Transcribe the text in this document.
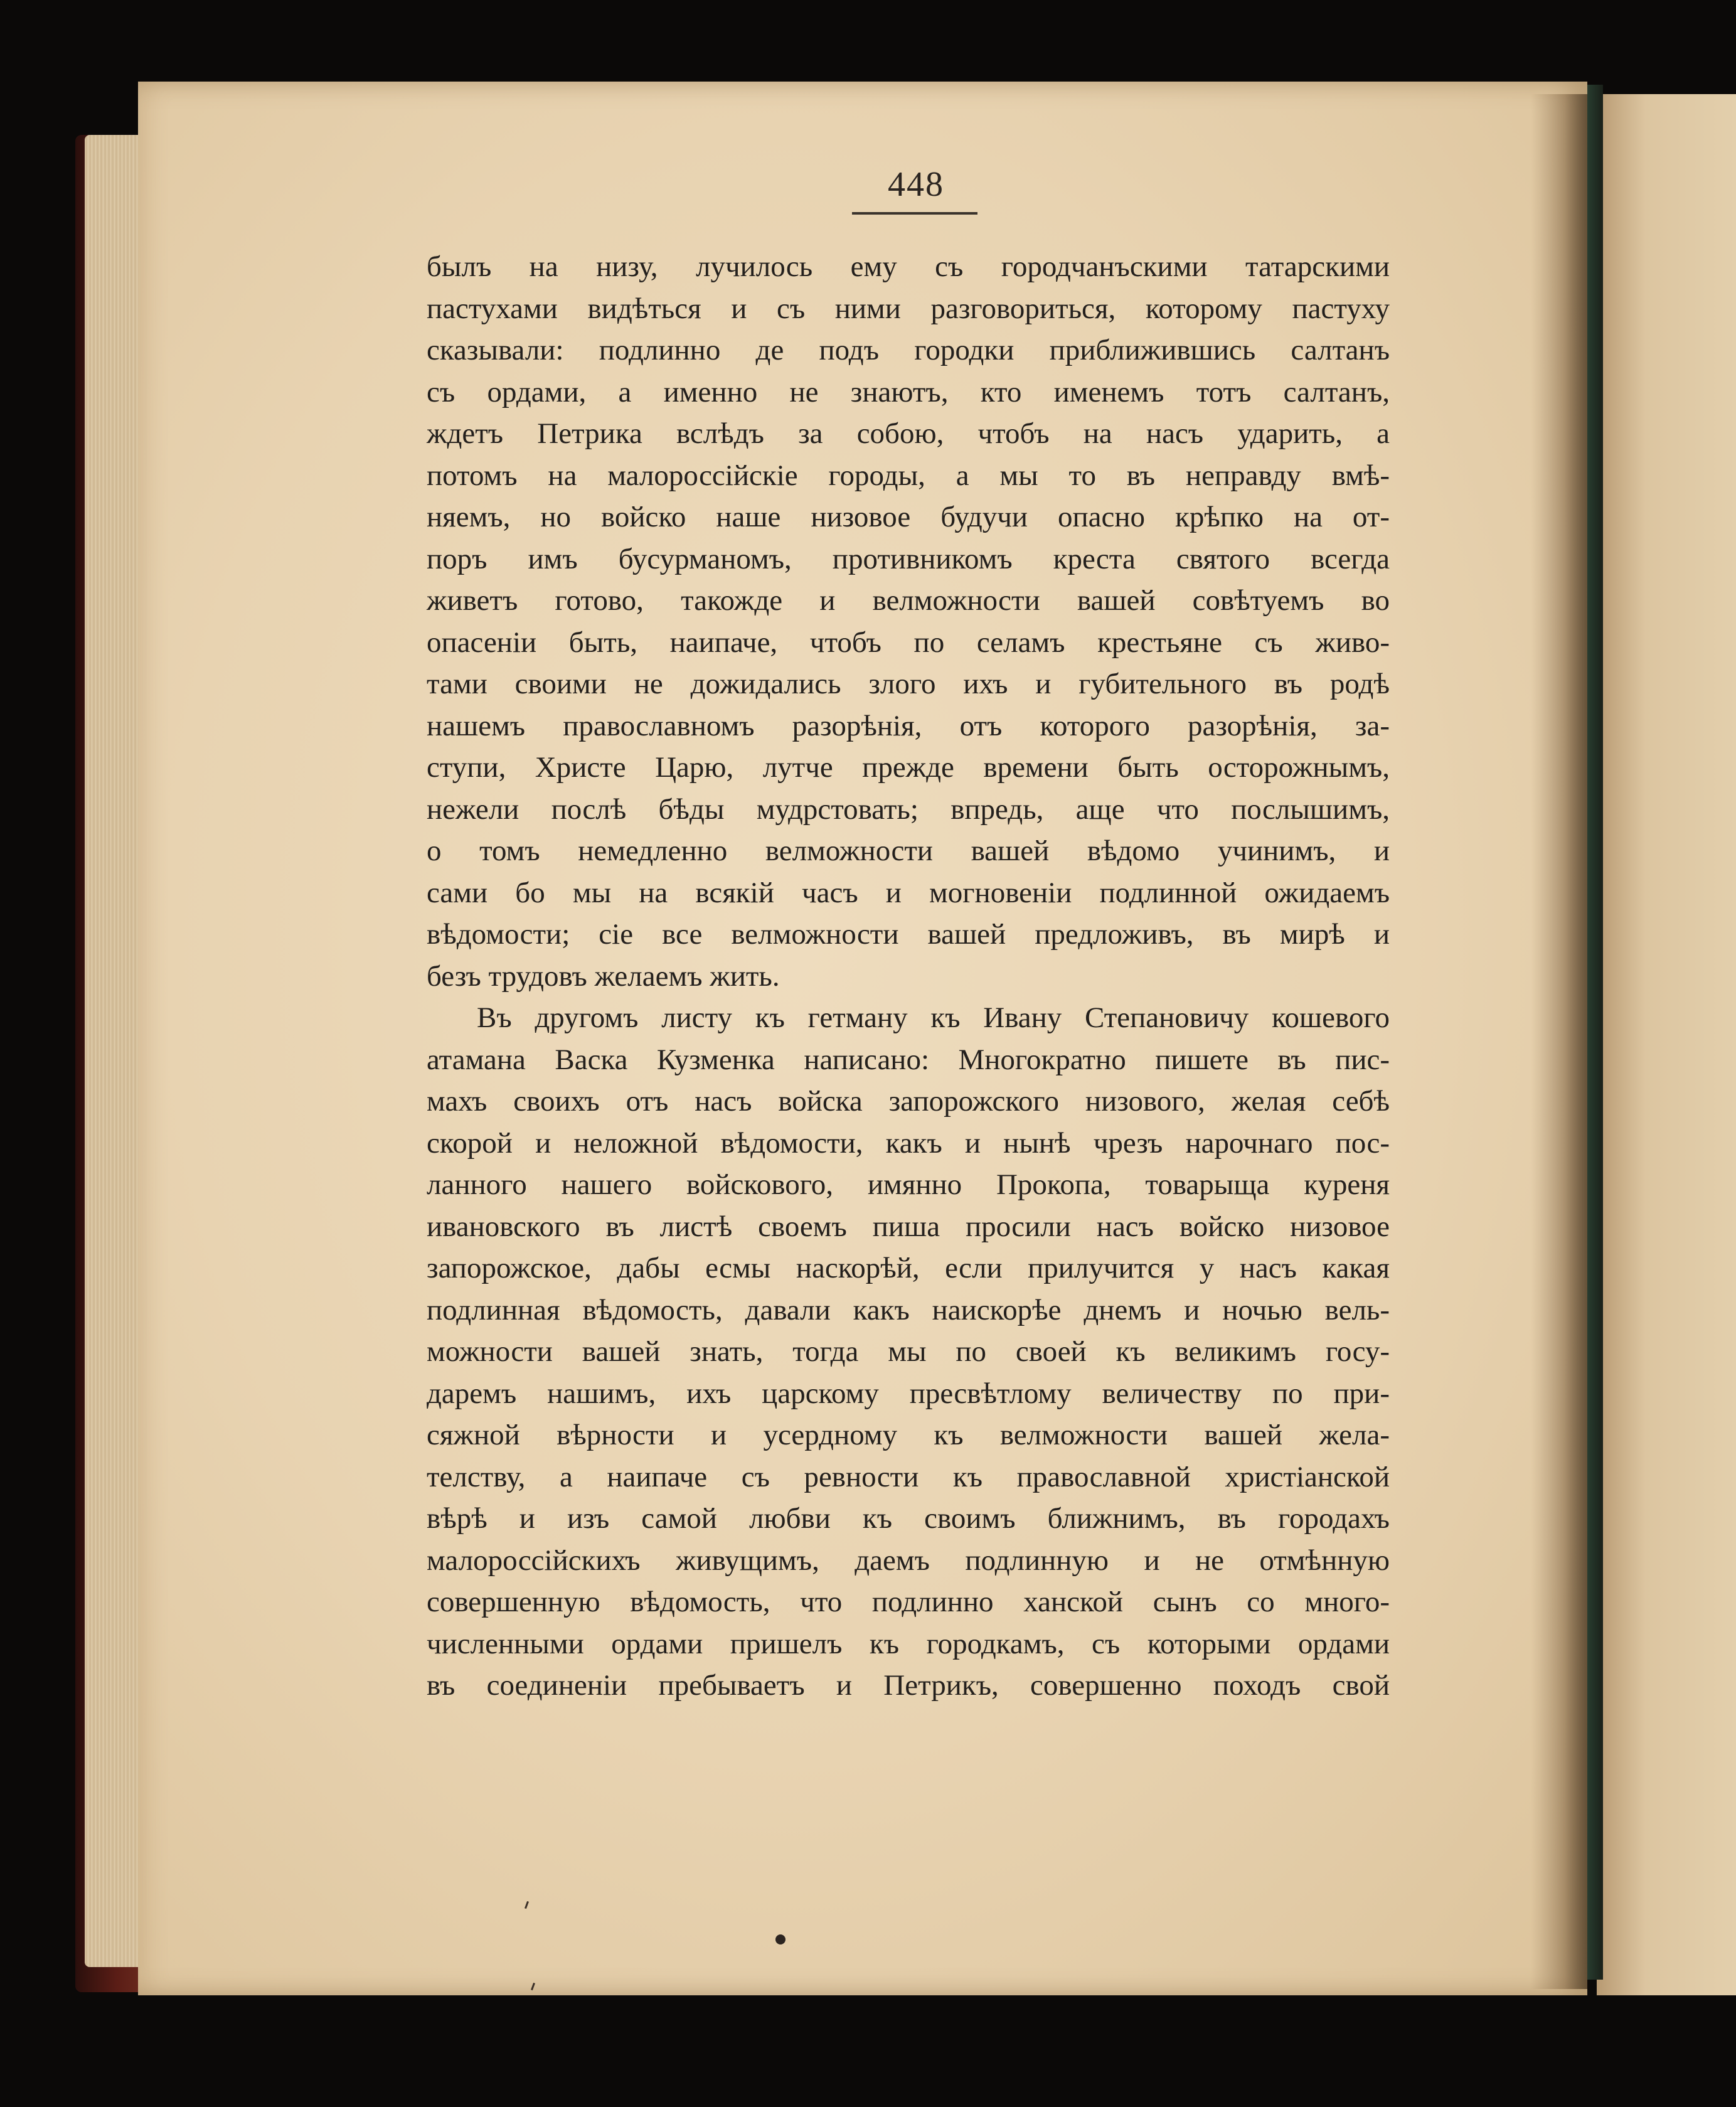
448
былъ на низу, лучилось ему съ городчанъскими татарскими
пастухами видѣться и съ ними разговориться, которому пастуху
сказывали: подлинно де подъ городки приближившись салтанъ
съ ордами, а именно не знаютъ, кто именемъ тотъ салтанъ,
ждетъ Петрика вслѣдъ за собою, чтобъ на насъ ударить, а
потомъ на малороссійскіе городы, а мы то въ неправду вмѣ-
няемъ, но войско наше низовое будучи опасно крѣпко на от-
поръ имъ бусурманомъ, противникомъ креста святого всегда
живетъ готово, такожде и велможности вашей совѣтуемъ во
опасеніи быть, наипаче, чтобъ по селамъ крестьяне съ живо-
тами своими не дожидались злого ихъ и губительного въ родѣ
нашемъ православномъ разорѣнія, отъ которого разорѣнія, за-
ступи, Христе Царю, лутче прежде времени быть осторожнымъ,
нежели послѣ бѣды мудрстовать; впредь, аще что послышимъ,
о томъ немедленно велможности вашей вѣдомо учинимъ, и
сами бо мы на всякій часъ и могновеніи подлинной ожидаемъ
вѣдомости; сіе все велможности вашей предложивъ, въ мирѣ и
безъ трудовъ желаемъ жить.
Въ другомъ листу къ гетману къ Ивану Степановичу кошевого
атамана Васка Кузменка написано: Многократно пишете въ пис-
махъ своихъ отъ насъ войска запорожского низового, желая себѣ
скорой и неложной вѣдомости, какъ и нынѣ чрезъ нарочнаго пос-
ланного нашего войскового, имянно Прокопа, товарыща куреня
ивановского въ листѣ своемъ пиша просили насъ войско низовое
запорожское, дабы есмы наскорѣй, если прилучится у насъ какая
подлинная вѣдомость, давали какъ наискорѣе днемъ и ночью вель-
можности вашей знать, тогда мы по своей къ великимъ госу-
даремъ нашимъ, ихъ царскому пресвѣтлому величеству по при-
сяжной вѣрности и усердному къ велможности вашей жела-
телству, а наипаче съ ревности къ православной христіанской
вѣрѣ и изъ самой любви къ своимъ ближнимъ, въ городахъ
малороссійскихъ живущимъ, даемъ подлинную и не отмѣнную
совершенную вѣдомость, что подлинно ханской сынъ со много-
численными ордами пришелъ къ городкамъ, съ которыми ордами
въ соединеніи пребываетъ и Петрикъ, совершенно походъ свой
